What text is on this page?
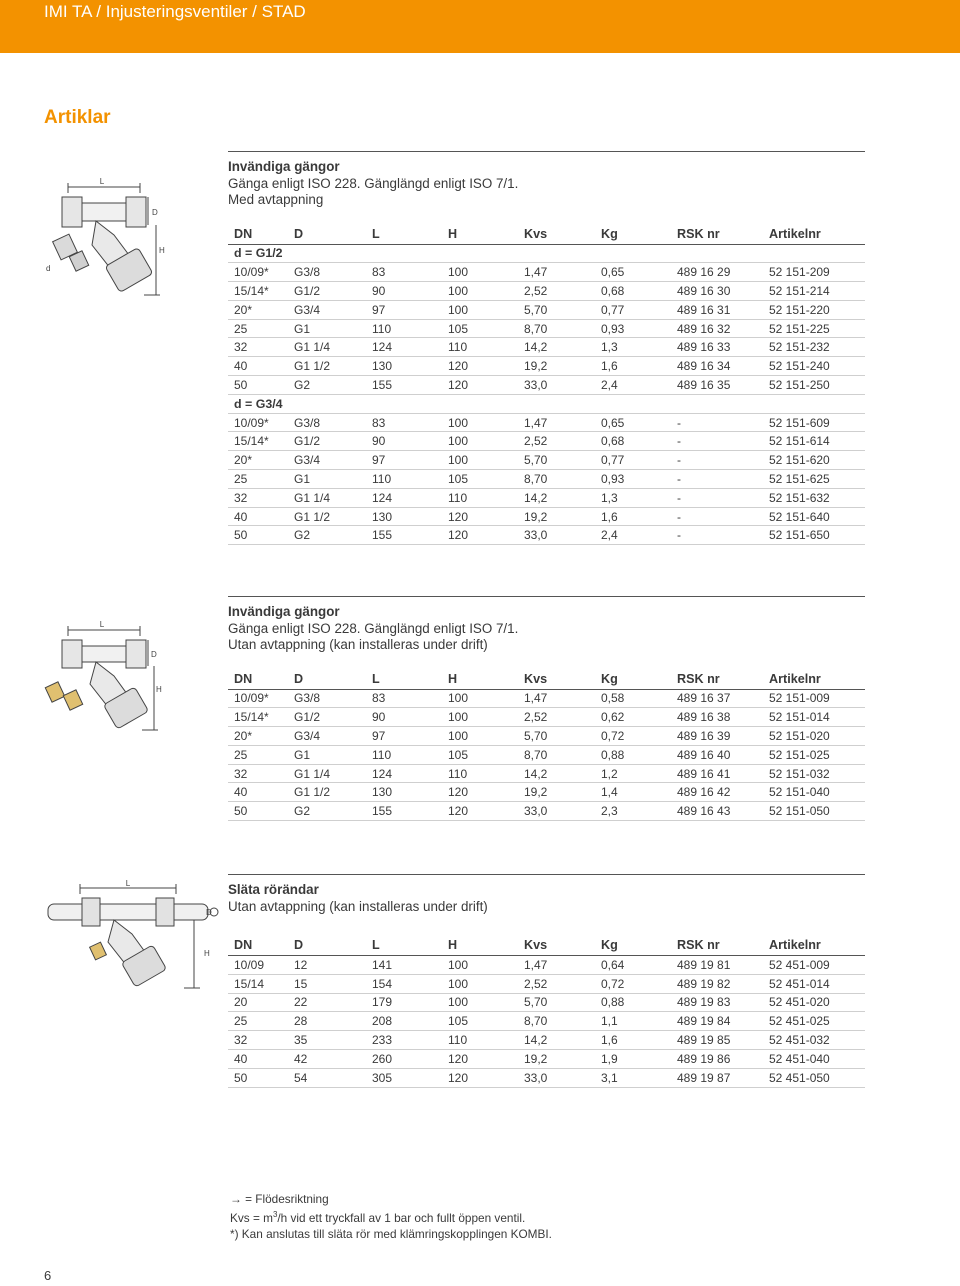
IMI TA / Injusteringsventiler / STAD
Artiklar
L
D
H
d
Invändiga gängor
Gänga enligt ISO 228. Gänglängd enligt ISO 7/1.
Med avtappning
DN	D	L	H	Kvs	Kg	RSK nr	Artikelnr
d = G1/2							
10/09*	G3/8	83	100	1,47	0,65	489 16 29	52 151-209
15/14*	G1/2	90	100	2,52	0,68	489 16 30	52 151-214
20*	G3/4	97	100	5,70	0,77	489 16 31	52 151-220
25	G1	110	105	8,70	0,93	489 16 32	52 151-225
32	G1 1/4	124	110	14,2	1,3	489 16 33	52 151-232
40	G1 1/2	130	120	19,2	1,6	489 16 34	52 151-240
50	G2	155	120	33,0	2,4	489 16 35	52 151-250
d = G3/4							
10/09*	G3/8	83	100	1,47	0,65	-	52 151-609
15/14*	G1/2	90	100	2,52	0,68	-	52 151-614
20*	G3/4	97	100	5,70	0,77	-	52 151-620
25	G1	110	105	8,70	0,93	-	52 151-625
32	G1 1/4	124	110	14,2	1,3	-	52 151-632
40	G1 1/2	130	120	19,2	1,6	-	52 151-640
50	G2	155	120	33,0	2,4	-	52 151-650
L
D
H
Invändiga gängor
Gänga enligt ISO 228. Gänglängd enligt ISO 7/1.
Utan avtappning (kan installeras under drift)
DN	D	L	H	Kvs	Kg	RSK nr	Artikelnr
10/09*	G3/8	83	100	1,47	0,58	489 16 37	52 151-009
15/14*	G1/2	90	100	2,52	0,62	489 16 38	52 151-014
20*	G3/4	97	100	5,70	0,72	489 16 39	52 151-020
25	G1	110	105	8,70	0,88	489 16 40	52 151-025
32	G1 1/4	124	110	14,2	1,2	489 16 41	52 151-032
40	G1 1/2	130	120	19,2	1,4	489 16 42	52 151-040
50	G2	155	120	33,0	2,3	489 16 43	52 151-050
L
D
H
Släta rörändar
Utan avtappning (kan installeras under drift)
DN	D	L	H	Kvs	Kg	RSK nr	Artikelnr
10/09	12	141	100	1,47	0,64	489 19 81	52 451-009
15/14	15	154	100	2,52	0,72	489 19 82	52 451-014
20	22	179	100	5,70	0,88	489 19 83	52 451-020
25	28	208	105	8,70	1,1	489 19 84	52 451-025
32	35	233	110	14,2	1,6	489 19 85	52 451-032
40	42	260	120	19,2	1,9	489 19 86	52 451-040
50	54	305	120	33,0	3,1	489 19 87	52 451-050
→ = Flödesriktning
Kvs = $m^3/h$ vid ett tryckfall av 1 bar och fullt öppen ventil.
*) Kan anslutas till släta rör med klämringskopplingen KOMBI.
6
